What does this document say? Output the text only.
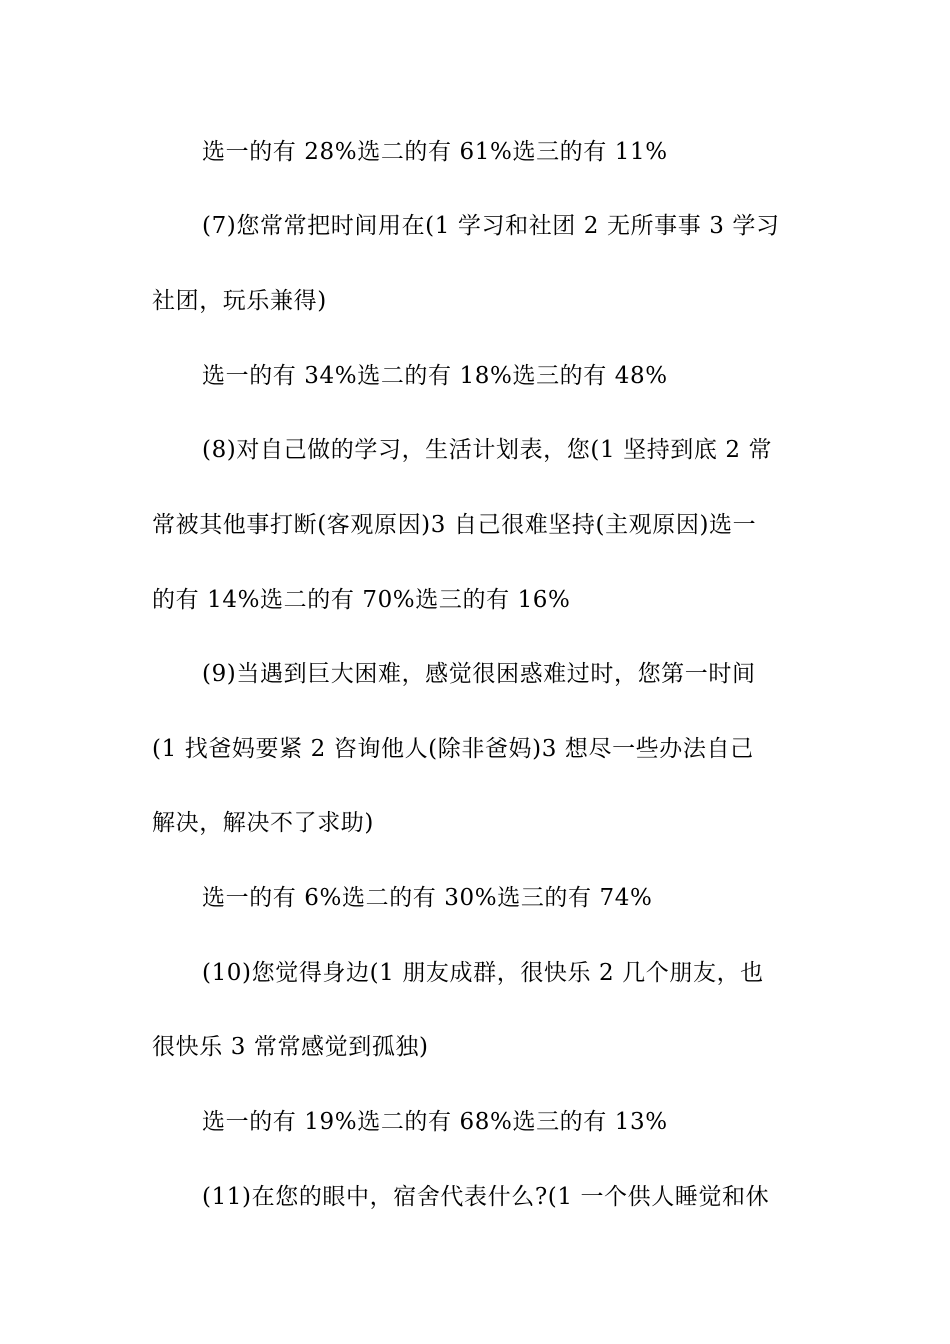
选一的有 28%选二的有 61%选三的有 11%
(7)您常常把时间用在(1 学习和社团 2 无所事事 3 学习
社团，玩乐兼得)
选一的有 34%选二的有 18%选三的有 48%
(8)对自己做的学习，生活计划表，您(1 坚持到底 2 常
常被其他事打断(客观原因)3 自己很难坚持(主观原因)选一
的有 14%选二的有 70%选三的有 16%
(9)当遇到巨大困难，感觉很困惑难过时，您第一时间
(1 找爸妈要紧 2 咨询他人(除非爸妈)3 想尽一些办法自己
解决，解决不了求助)
选一的有 6%选二的有 30%选三的有 74%
(10)您觉得身边(1 朋友成群，很快乐 2 几个朋友，也
很快乐 3 常常感觉到孤独)
选一的有 19%选二的有 68%选三的有 13%
(11)在您的眼中，宿舍代表什么?(1 一个供人睡觉和休
